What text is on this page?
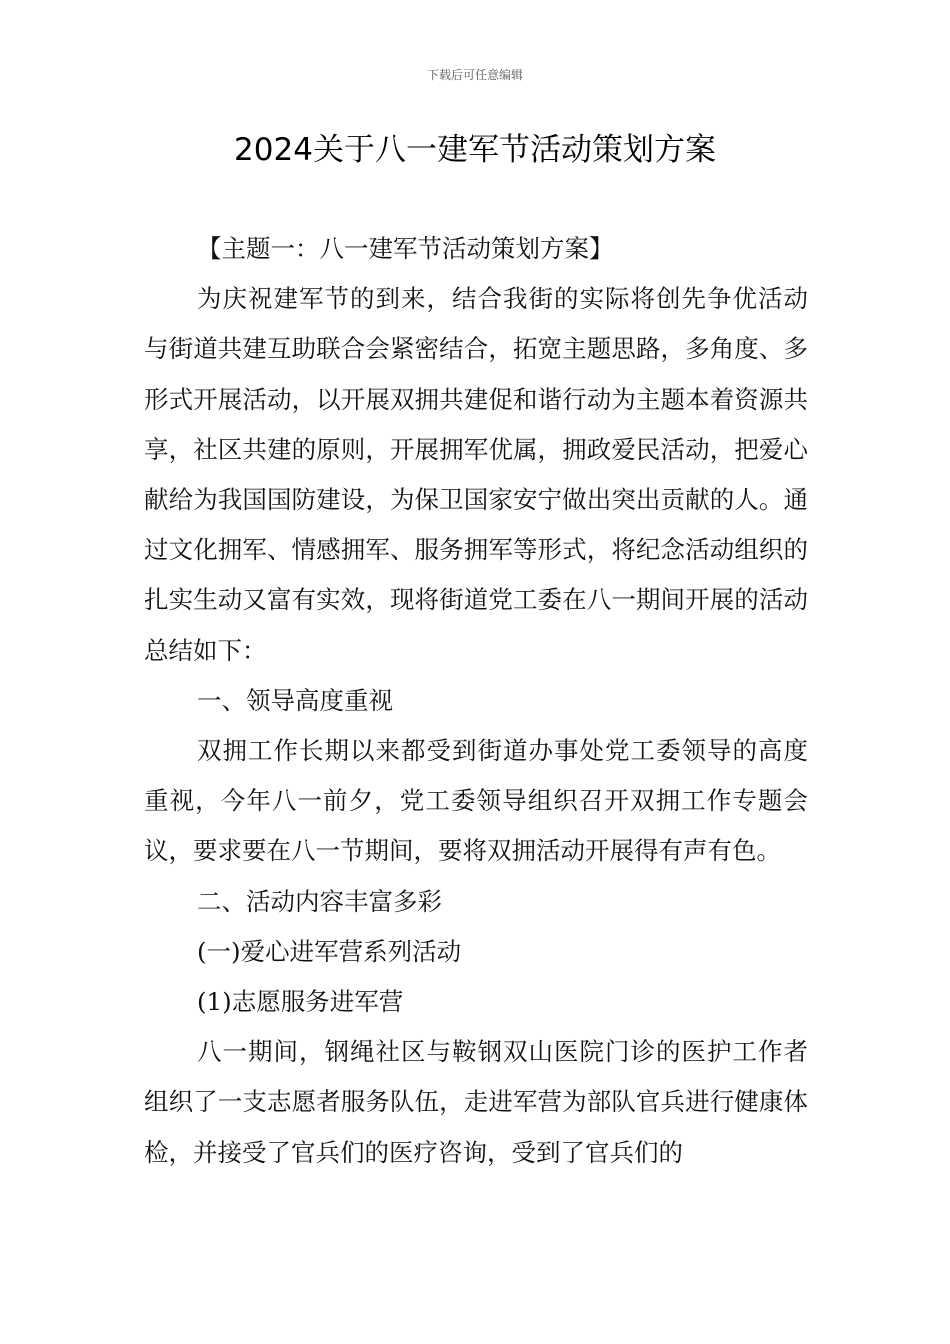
下载后可任意编辑
2024关于八一建军节活动策划方案

【主题一：八一建军节活动策划方案】

为庆祝建军节的到来，结合我街的实际将创先争优活动与街道共建互助联合会紧密结合，拓宽主题思路，多角度、多形式开展活动，以开展双拥共建促和谐行动为主题本着资源共享，社区共建的原则，开展拥军优属，拥政爱民活动，把爱心献给为我国国防建设，为保卫国家安宁做出突出贡献的人。通过文化拥军、情感拥军、服务拥军等形式，将纪念活动组织的扎实生动又富有实效，现将街道党工委在八一期间开展的活动总结如下：

一、领导高度重视

双拥工作长期以来都受到街道办事处党工委领导的高度重视，今年八一前夕，党工委领导组织召开双拥工作专题会议，要求要在八一节期间，要将双拥活动开展得有声有色。

二、活动内容丰富多彩

(一)爱心进军营系列活动

(1)志愿服务进军营

八一期间，钢绳社区与鞍钢双山医院门诊的医护工作者组织了一支志愿者服务队伍，走进军营为部队官兵进行健康体检，并接受了官兵们的医疗咨询，受到了官兵们的
